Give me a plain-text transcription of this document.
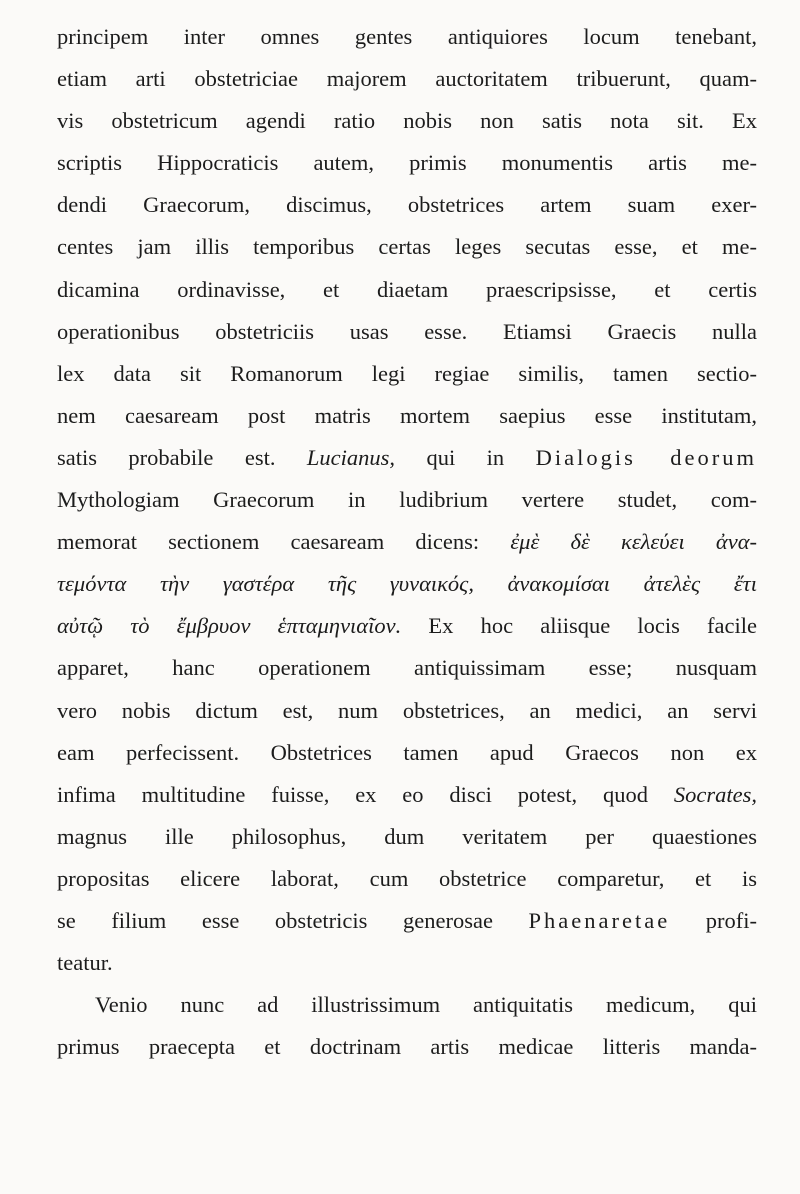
principem inter omnes gentes antiquiores locum tenebant,
etiam arti obstetriciae majorem auctoritatem tribuerunt, quam-
vis obstetricum agendi ratio nobis non satis nota sit. Ex
scriptis Hippocraticis autem, primis monumentis artis me-
dendi Graecorum, discimus, obstetrices artem suam exer-
centes jam illis temporibus certas leges secutas esse, et me-
dicamina ordinavisse, et diaetam praescripsisse, et certis
operationibus obstetriciis usas esse. Etiamsi Graecis nulla
lex data sit Romanorum legi regiae similis, tamen sectio-
nem caesaream post matris mortem saepius esse institutam,
satis probabile est. Lucianus, qui in Dialogis deorum
Mythologiam Graecorum in ludibrium vertere studet, com-
memorat sectionem caesaream dicens: ἐμὲ δὲ κελεύει ἀνα-
τεμόντα τὴν γαστέρα τῆς γυναικός, ἀνακομίσαι ἀτελὲς ἔτι
αὐτῷ τὸ ἔμβρυον ἑπταμηνιαῖον. Ex hoc aliisque locis facile
apparet, hanc operationem antiquissimam esse; nusquam
vero nobis dictum est, num obstetrices, an medici, an servi
eam perfecissent. Obstetrices tamen apud Graecos non ex
infima multitudine fuisse, ex eo disci potest, quod Socrates,
magnus ille philosophus, dum veritatem per quaestiones
propositas elicere laborat, cum obstetrice comparetur, et is
se filium esse obstetricis generosae Phaenaretae profi-
teatur.
Venio nunc ad illustrissimum antiquitatis medicum, qui
primus praecepta et doctrinam artis medicae litteris manda-
